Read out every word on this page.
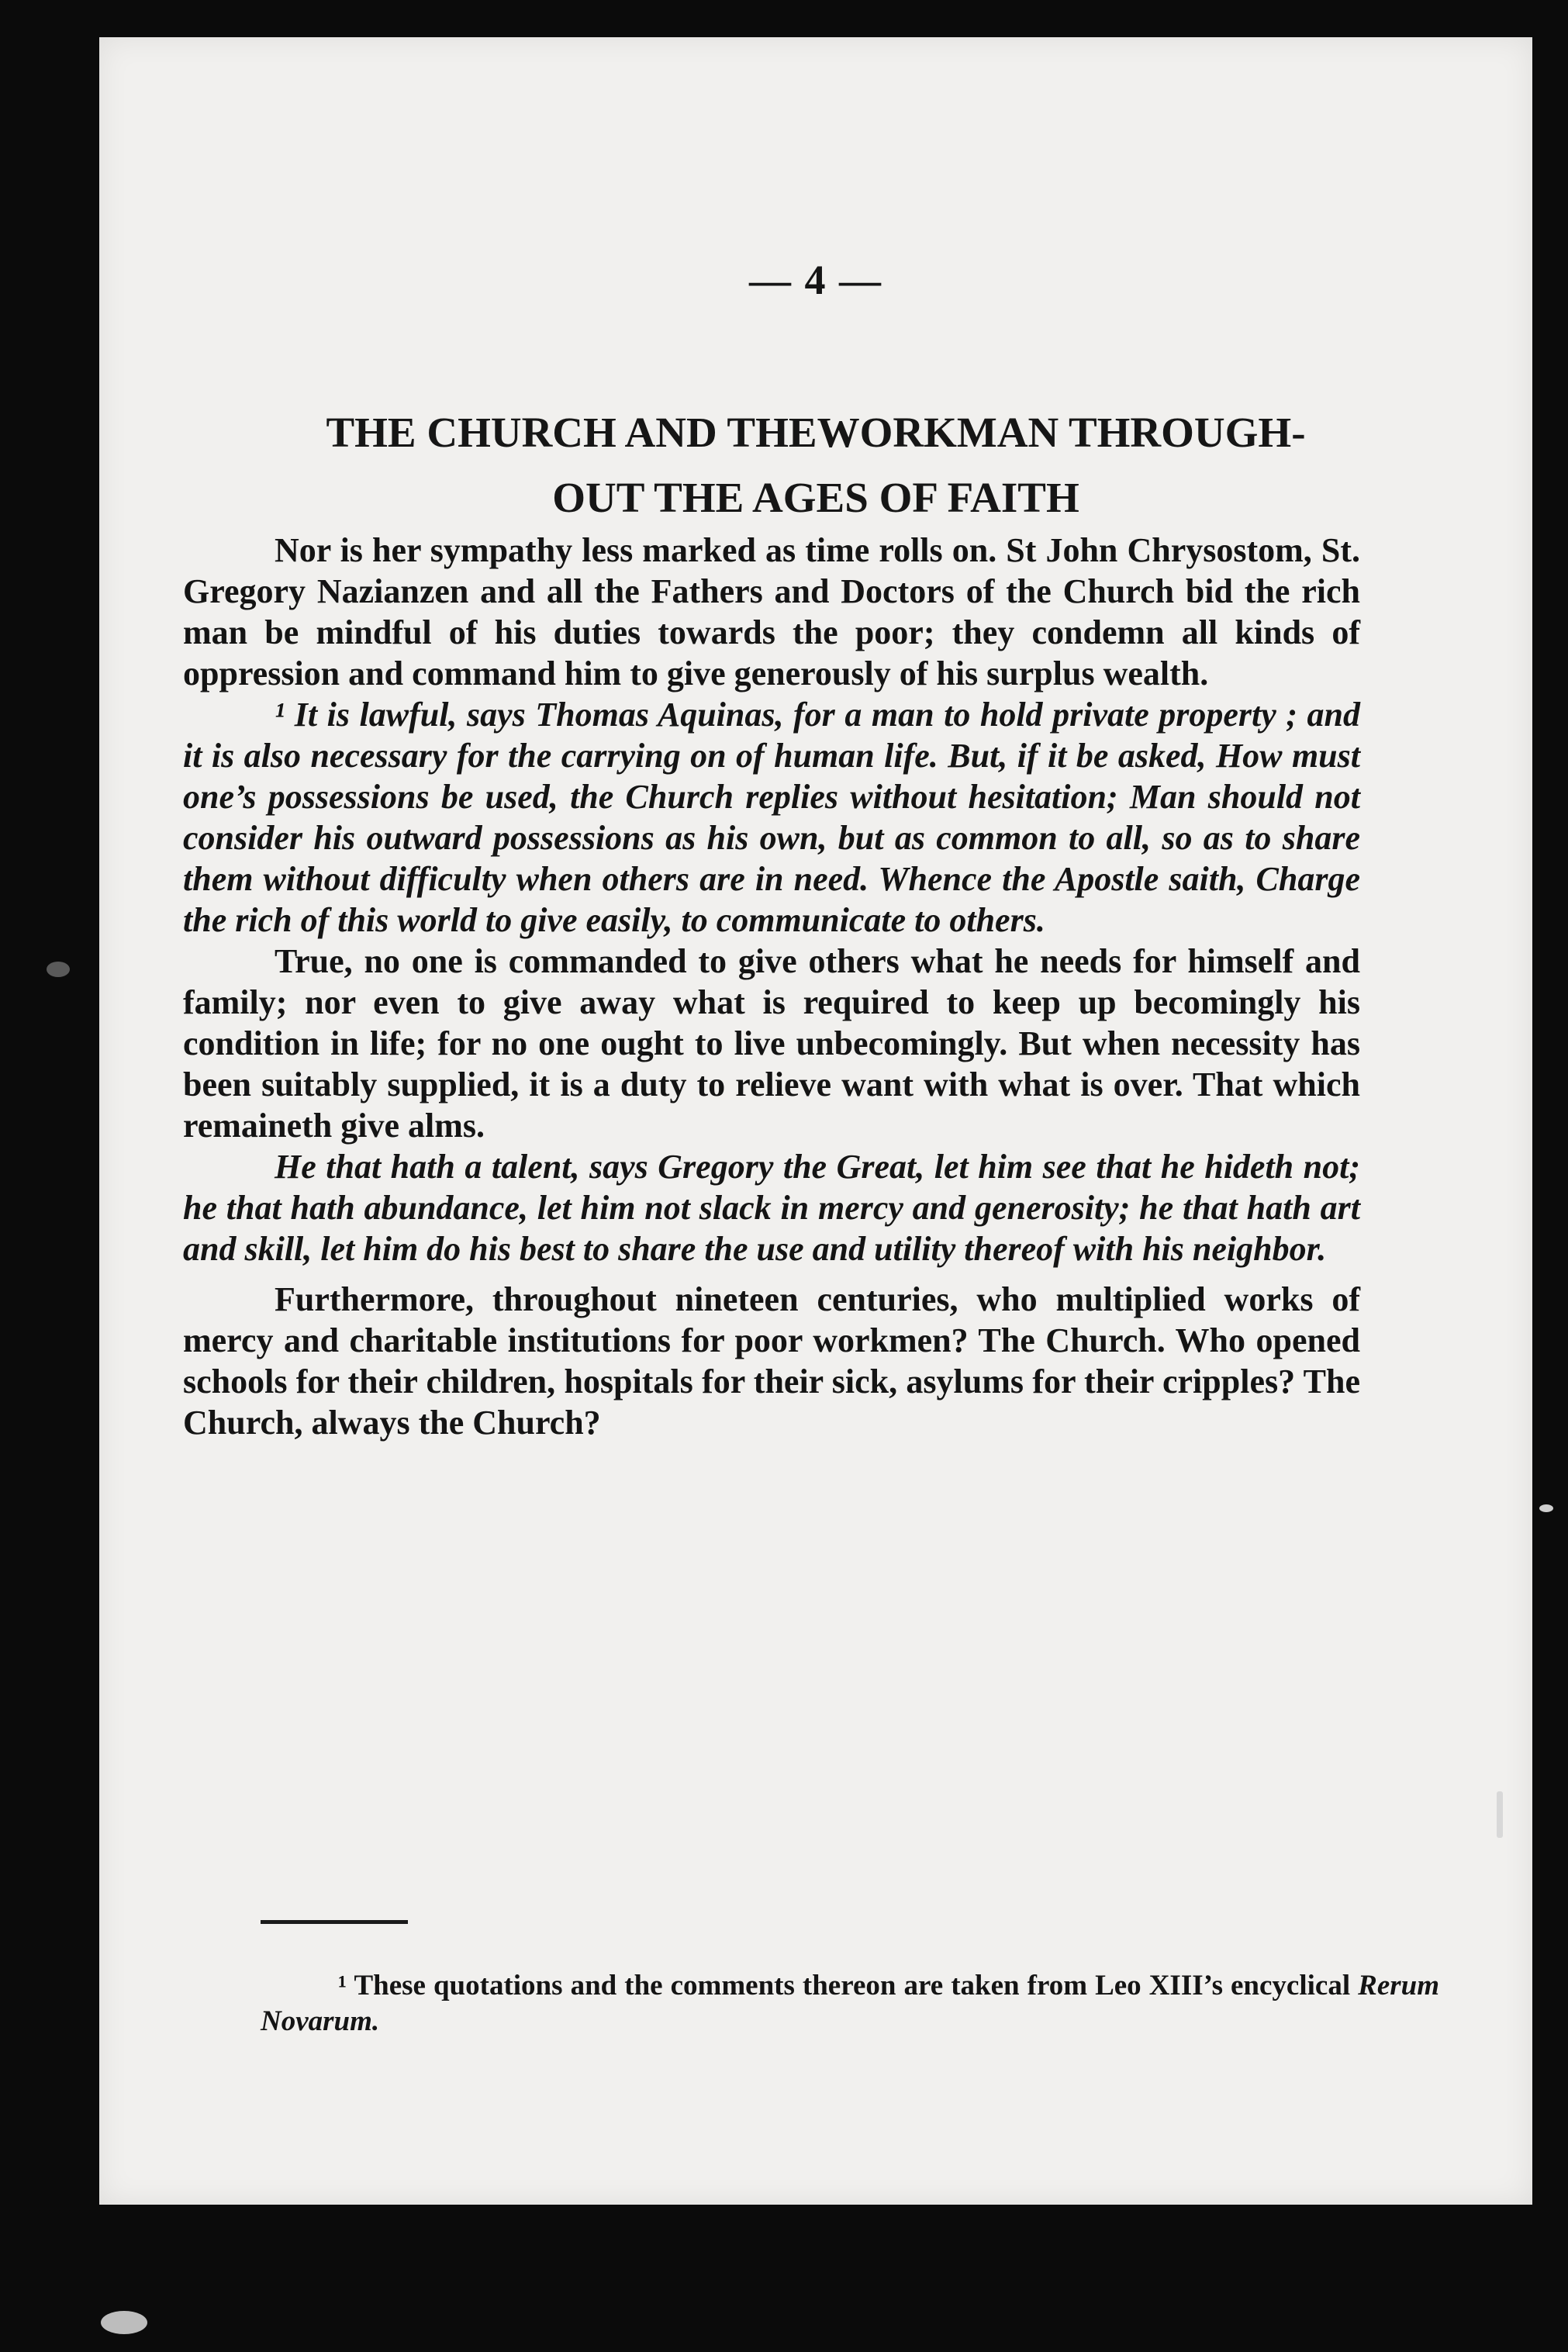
— 4 —
THE CHURCH AND THEWORKMAN THROUGH-
OUT THE AGES OF FAITH

¹ These quotations and the comments thereon are taken from Leo XIII’s encyclical Rerum Novarum.

Nor is her sympathy less marked as time rolls on. St John Chrysostom, St. Gregory Nazianzen and all the Fathers and Doctors of the Church bid the rich man be mindful of his duties towards the poor; they condemn all kinds of oppression and command him to give generously of his surplus wealth.

¹ It is lawful, says Thomas Aquinas, for a man to hold private property ; and it is also necessary for the carrying on of human life. But, if it be asked, How must one’s possessions be used, the Church replies without hesitation; Man should not consider his outward possessions as his own, but as common to all, so as to share them without difficulty when others are in need. Whence the Apostle saith, Charge the rich of this world to give easily, to communicate to others.

True, no one is commanded to give others what he needs for himself and family; nor even to give away what is required to keep up becomingly his condition in life; for no one ought to live unbecomingly. But when necessity has been suitably supplied, it is a duty to relieve want with what is over. That which remaineth give alms.

He that hath a talent, says Gregory the Great, let him see that he hideth not; he that hath abundance, let him not slack in mercy and generosity; he that hath art and skill, let him do his best to share the use and utility thereof with his neighbor.

Furthermore, throughout nineteen centuries, who multiplied works of mercy and charitable institutions for poor workmen? The Church. Who opened schools for their children, hospitals for their sick, asylums for their cripples? The Church, always the Church?
